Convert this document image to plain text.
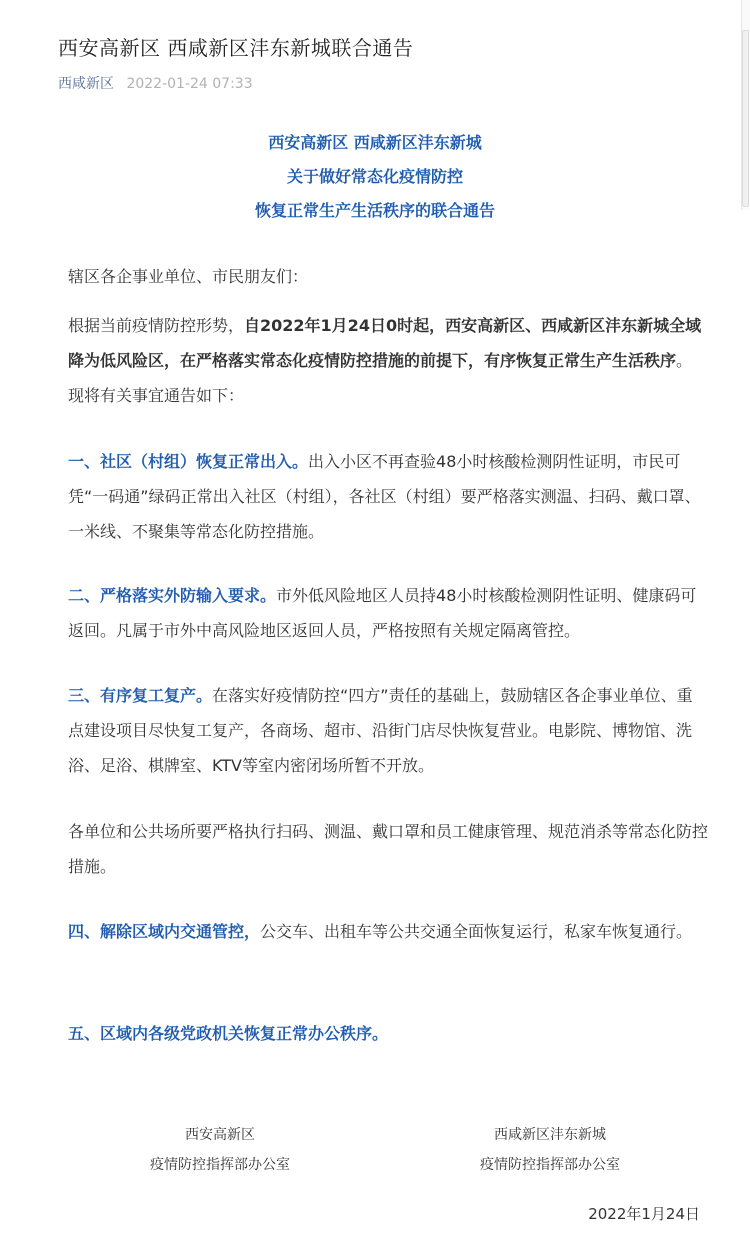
西安高新区 西咸新区沣东新城联合通告
西咸新区 2022-01-24 07:33
西安高新区 西咸新区沣东新城
关于做好常态化疫情防控
恢复正常生产生活秩序的联合通告
辖区各企事业单位、市民朋友们：
根据当前疫情防控形势，自2022年1月24日0时起，西安高新区、西咸新区沣东新城全域降为低风险区，在严格落实常态化疫情防控措施的前提下，有序恢复正常生产生活秩序。现将有关事宜通告如下：
一、社区（村组）恢复正常出入。出入小区不再查验48小时核酸检测阴性证明，市民可凭“一码通”绿码正常出入社区（村组），各社区（村组）要严格落实测温、扫码、戴口罩、一米线、不聚集等常态化防控措施。
二、严格落实外防输入要求。市外低风险地区人员持48小时核酸检测阴性证明、健康码可返回。凡属于市外中高风险地区返回人员，严格按照有关规定隔离管控。
三、有序复工复产。在落实好疫情防控“四方”责任的基础上，鼓励辖区各企事业单位、重点建设项目尽快复工复产，各商场、超市、沿街门店尽快恢复营业。电影院、博物馆、洗浴、足浴、棋牌室、KTV等室内密闭场所暂不开放。
各单位和公共场所要严格执行扫码、测温、戴口罩和员工健康管理、规范消杀等常态化防控措施。
四、解除区域内交通管控，公交车、出租车等公共交通全面恢复运行，私家车恢复通行。
五、区域内各级党政机关恢复正常办公秩序。
西安高新区
疫情防控指挥部办公室
西咸新区沣东新城
疫情防控指挥部办公室
2022年1月24日
